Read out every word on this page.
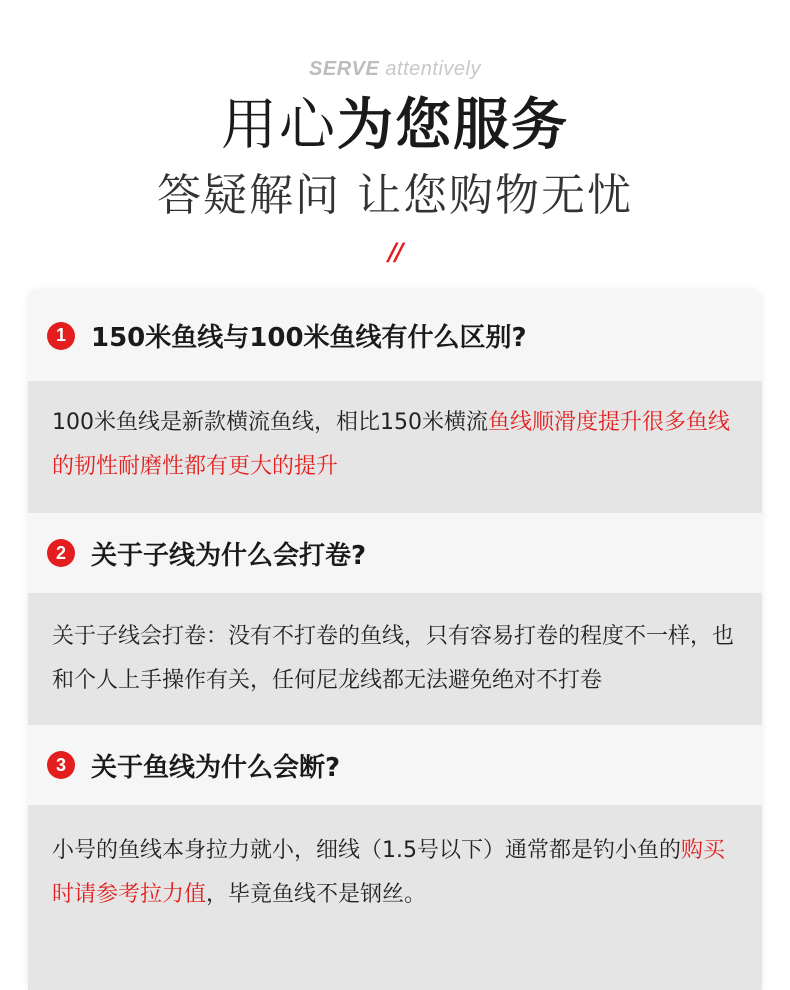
SERVE attentively
用心为您服务
答疑解问 让您购物无忧
//
1 150米鱼线与100米鱼线有什么区别?

100米鱼线是新款横流鱼线，相比150米横流鱼线顺滑度提升很多鱼线的韧性耐磨性都有更大的提升

2 关于子线为什么会打卷?

关于子线会打卷：没有不打卷的鱼线，只有容易打卷的程度不一样，也和个人上手操作有关，任何尼龙线都无法避免绝对不打卷

3 关于鱼线为什么会断?

小号的鱼线本身拉力就小，细线（1.5号以下）通常都是钓小鱼的购买时请参考拉力值，毕竟鱼线不是钢丝。
